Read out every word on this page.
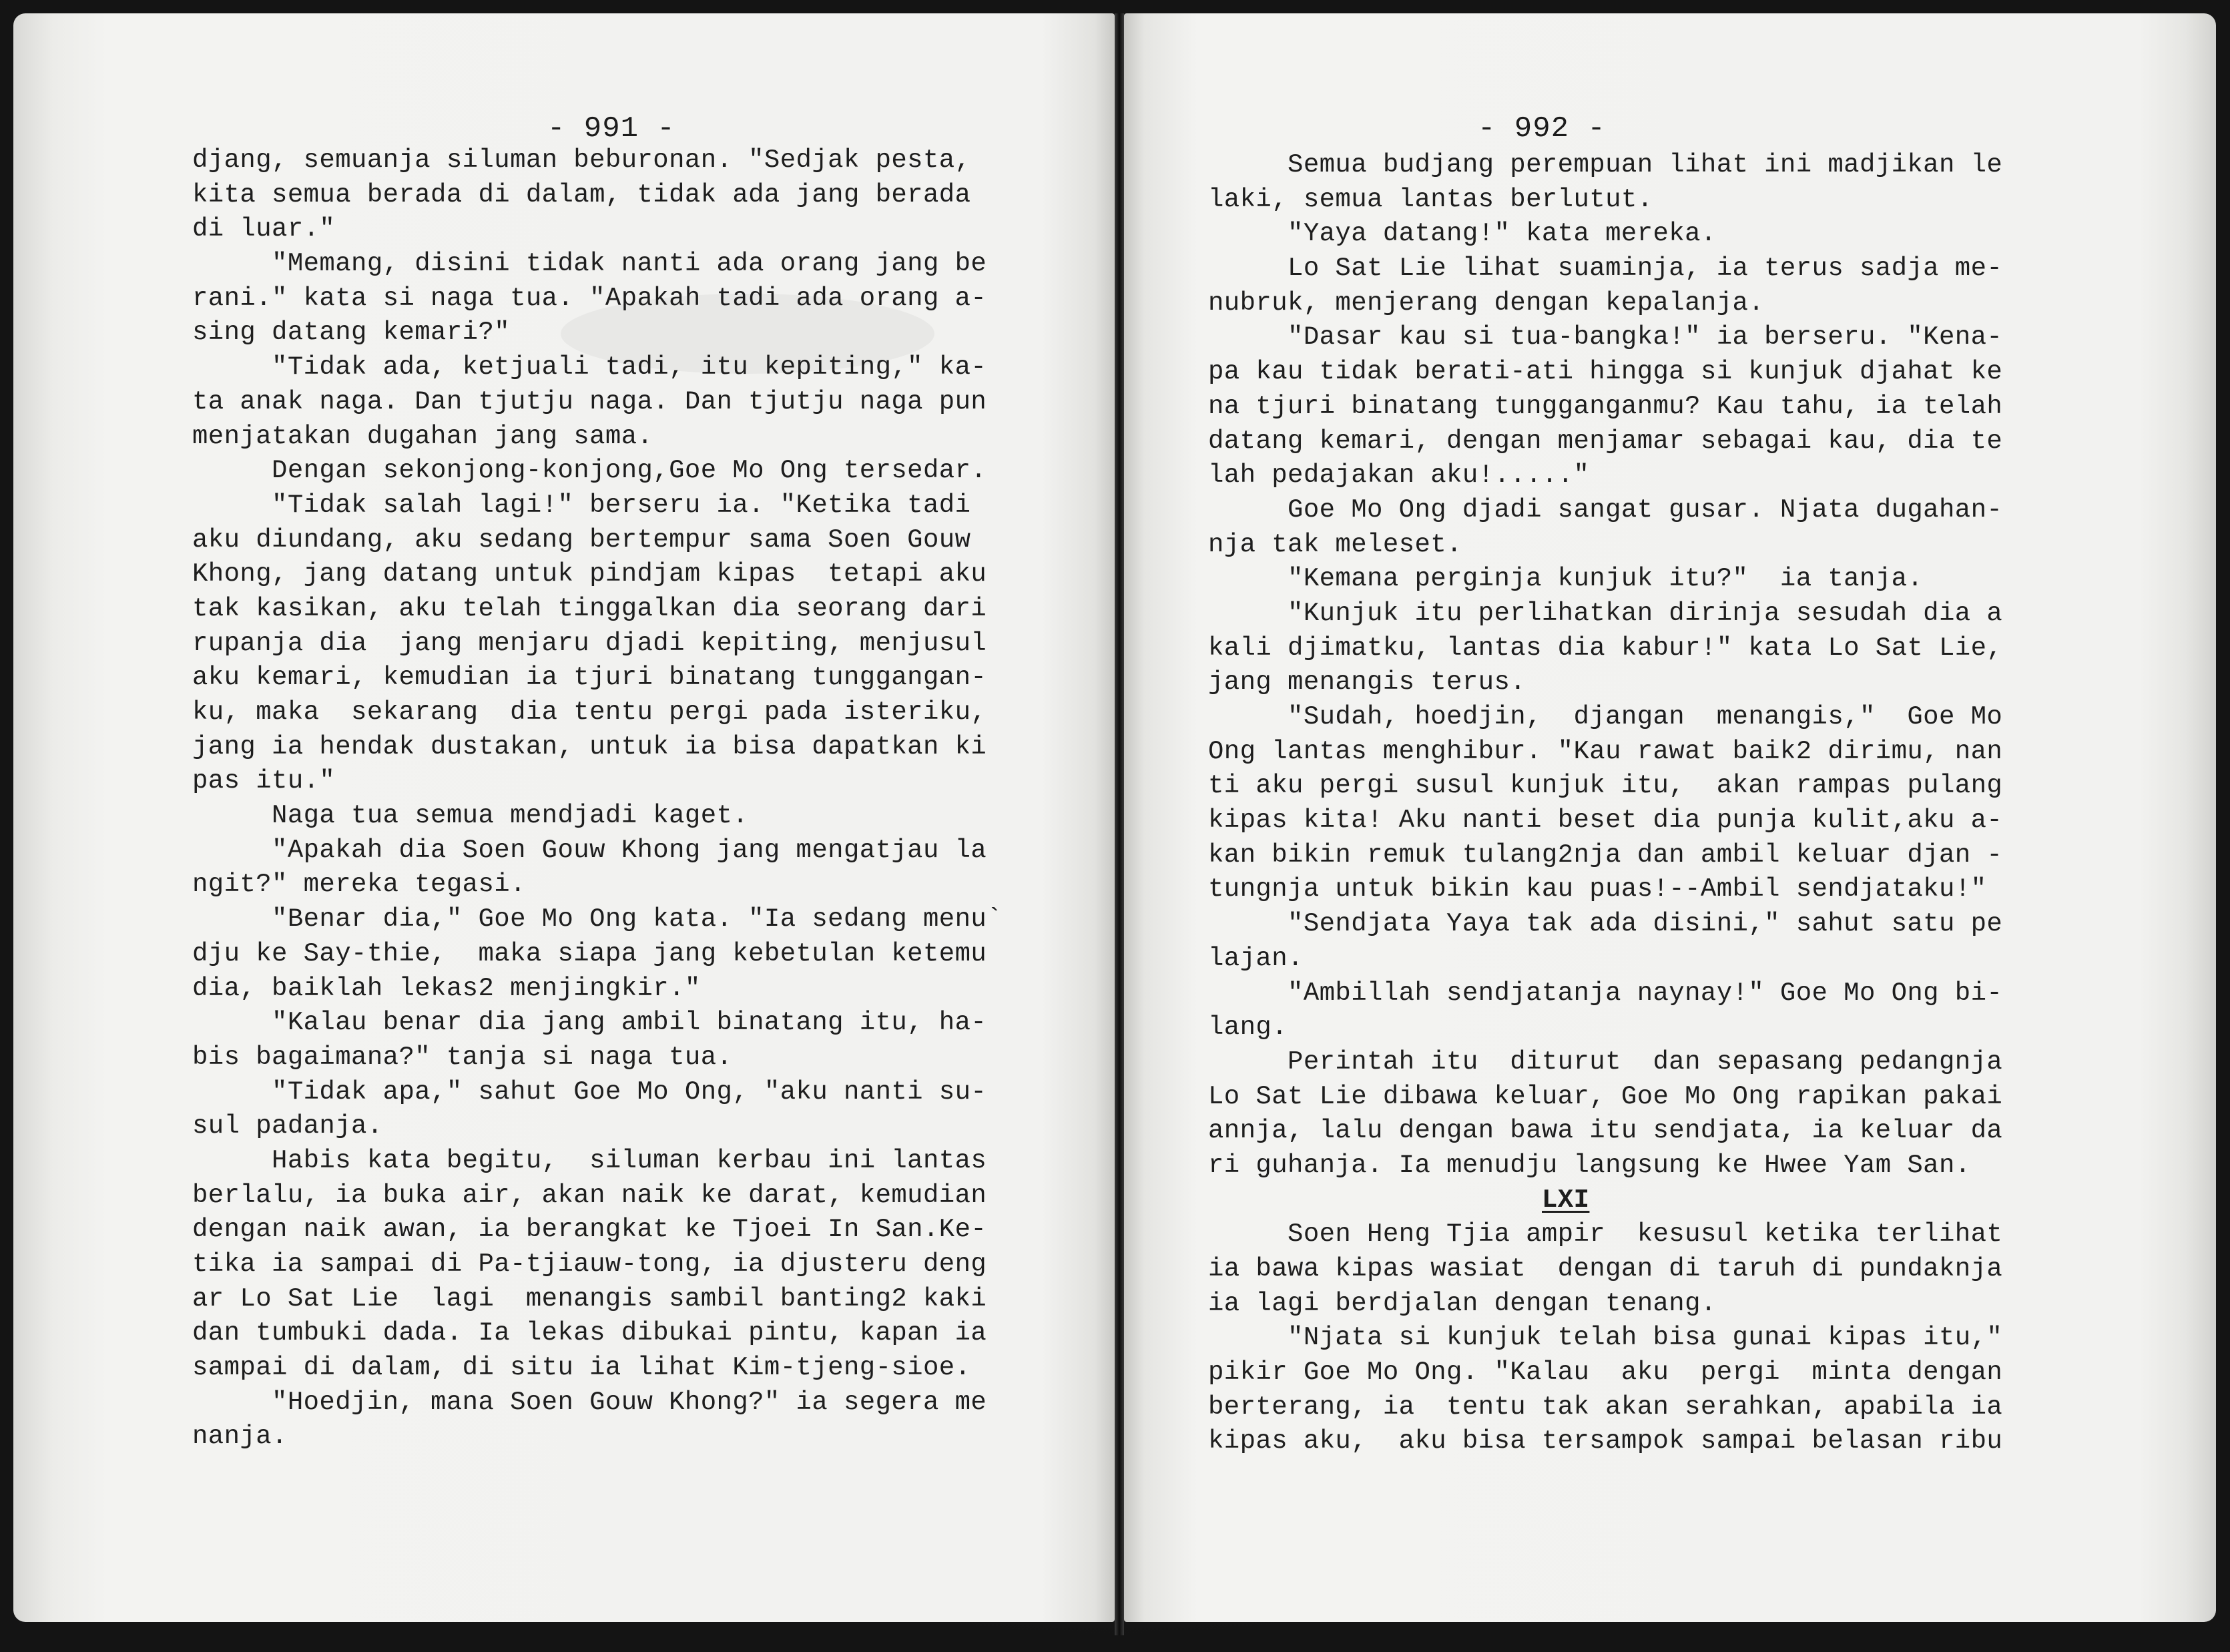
- 991 -	- 992 -
djang, semuanja siluman beburonan. "Sedjak pesta,
kita semua berada di dalam, tidak ada jang berada
di luar."
"Memang, disini tidak nanti ada orang jang be
rani." kata si naga tua. "Apakah tadi ada orang a-
sing datang kemari?"
"Tidak ada, ketjuali tadi, itu kepiting," ka-
ta anak naga. Dan tjutju naga. Dan tjutju naga pun
menjatakan dugahan jang sama.
Dengan sekonjong-konjong,Goe Mo Ong tersedar.
"Tidak salah lagi!" berseru ia. "Ketika tadi
aku diundang, aku sedang bertempur sama Soen Gouw
Khong, jang datang untuk pindjam kipas  tetapi aku
tak kasikan, aku telah tinggalkan dia seorang dari
rupanja dia  jang menjaru djadi kepiting, menjusul
aku kemari, kemudian ia tjuri binatang tunggangan-
ku, maka  sekarang  dia tentu pergi pada isteriku,
jang ia hendak dustakan, untuk ia bisa dapatkan ki
pas itu."
Naga tua semua mendjadi kaget.
"Apakah dia Soen Gouw Khong jang mengatjau la
ngit?" mereka tegasi.
"Benar dia," Goe Mo Ong kata. "Ia sedang menu`
dju ke Say-thie,  maka siapa jang kebetulan ketemu
dia, baiklah lekas2 menjingkir."
"Kalau benar dia jang ambil binatang itu, ha-
bis bagaimana?" tanja si naga tua.
"Tidak apa," sahut Goe Mo Ong, "aku nanti su-
sul padanja.
Habis kata begitu,  siluman kerbau ini lantas
berlalu, ia buka air, akan naik ke darat, kemudian
dengan naik awan, ia berangkat ke Tjoei In San.Ke-
tika ia sampai di Pa-tjiauw-tong, ia djusteru deng
ar Lo Sat Lie  lagi  menangis sambil banting2 kaki
dan tumbuki dada. Ia lekas dibukai pintu, kapan ia
sampai di dalam, di situ ia lihat Kim-tjeng-sioe.
"Hoedjin, mana Soen Gouw Khong?" ia segera me
nanja.
Semua budjang perempuan lihat ini madjikan le
laki, semua lantas berlutut.
"Yaya datang!" kata mereka.
Lo Sat Lie lihat suaminja, ia terus sadja me-
nubruk, menjerang dengan kepalanja.
"Dasar kau si tua-bangka!" ia berseru. "Kena-
pa kau tidak berati-ati hingga si kunjuk djahat ke
na tjuri binatang tungganganmu? Kau tahu, ia telah
datang kemari, dengan menjamar sebagai kau, dia te
lah pedajakan aku!....."
Goe Mo Ong djadi sangat gusar. Njata dugahan-
nja tak meleset.
"Kemana perginja kunjuk itu?"  ia tanja.
"Kunjuk itu perlihatkan dirinja sesudah dia a
kali djimatku, lantas dia kabur!" kata Lo Sat Lie,
jang menangis terus.
"Sudah, hoedjin,  djangan  menangis,"  Goe Mo
Ong lantas menghibur. "Kau rawat baik2 dirimu, nan
ti aku pergi susul kunjuk itu,  akan rampas pulang
kipas kita! Aku nanti beset dia punja kulit,aku a-
kan bikin remuk tulang2nja dan ambil keluar djan -
tungnja untuk bikin kau puas!--Ambil sendjataku!"
"Sendjata Yaya tak ada disini," sahut satu pe
lajan.
"Ambillah sendjatanja naynay!" Goe Mo Ong bi-
lang.
Perintah itu  diturut  dan sepasang pedangnja
Lo Sat Lie dibawa keluar, Goe Mo Ong rapikan pakai
annja, lalu dengan bawa itu sendjata, ia keluar da
ri guhanja. Ia menudju langsung ke Hwee Yam San.
LXI
Soen Heng Tjia ampir  kesusul ketika terlihat
ia bawa kipas wasiat  dengan di taruh di pundaknja
ia lagi berdjalan dengan tenang.
"Njata si kunjuk telah bisa gunai kipas itu,"
pikir Goe Mo Ong. "Kalau  aku  pergi  minta dengan
berterang, ia  tentu tak akan serahkan, apabila ia
kipas aku,  aku bisa tersampok sampai belasan ribu
